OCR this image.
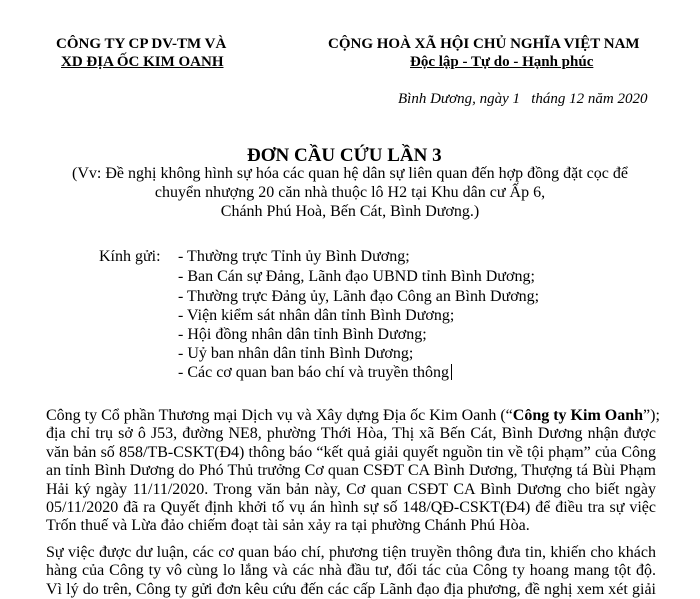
CÔNG TY CP DV-TM VÀ
XD ĐỊA ỐC KIM OANH
CỘNG HOÀ XÃ HỘI CHỦ NGHĨA VIỆT NAM
Độc lập - Tự do - Hạnh phúc
Bình Dương, ngày 1   tháng 12 năm 2020
ĐƠN CẦU CỨU LẦN 3
(Vv: Đề nghị không hình sự hóa các quan hệ dân sự liên quan đến hợp đồng đặt cọc để
chuyển nhượng 20 căn nhà thuộc lô H2 tại Khu dân cư Ấp 6,
Chánh Phú Hoà, Bến Cát, Bình Dương.)
Kính gửi: - Thường trực Tỉnh ủy Bình Dương;
- Ban Cán sự Đảng, Lãnh đạo UBND tỉnh Bình Dương;
- Thường trực Đảng ủy, Lãnh đạo Công an Bình Dương;
- Viện kiểm sát nhân dân tỉnh Bình Dương;
- Hội đồng nhân dân tỉnh Bình Dương;
- Uỷ ban nhân dân tỉnh Bình Dương;
- Các cơ quan ban báo chí và truyền thông
Công ty Cổ phần Thương mại Dịch vụ và Xây dựng Địa ốc Kim Oanh (“Công ty Kim Oanh”);
địa chỉ trụ sở ô J53, đường NE8, phường Thới Hòa, Thị xã Bến Cát, Bình Dương nhận được
văn bản số 858/TB-CSKT(Đ4) thông báo “kết quả giải quyết nguồn tin về tội phạm” của Công
an tỉnh Bình Dương do Phó Thủ trưởng Cơ quan CSĐT CA Bình Dương, Thượng tá Bùi Phạm
Hải ký ngày 11/11/2020. Trong văn bản này, Cơ quan CSĐT CA Bình Dương cho biết ngày
05/11/2020 đã ra Quyết định khởi tố vụ án hình sự số 148/QĐ-CSKT(Đ4) để điều tra sự việc
Trốn thuế và Lừa đảo chiếm đoạt tài sản xảy ra tại phường Chánh Phú Hòa.
Sự việc được dư luận, các cơ quan báo chí, phương tiện truyền thông đưa tin, khiến cho khách
hàng của Công ty vô cùng lo lắng và các nhà đầu tư, đối tác của Công ty hoang mang tột độ.
Vì lý do trên, Công ty gửi đơn kêu cứu đến các cấp Lãnh đạo địa phương, đề nghị xem xét giải
